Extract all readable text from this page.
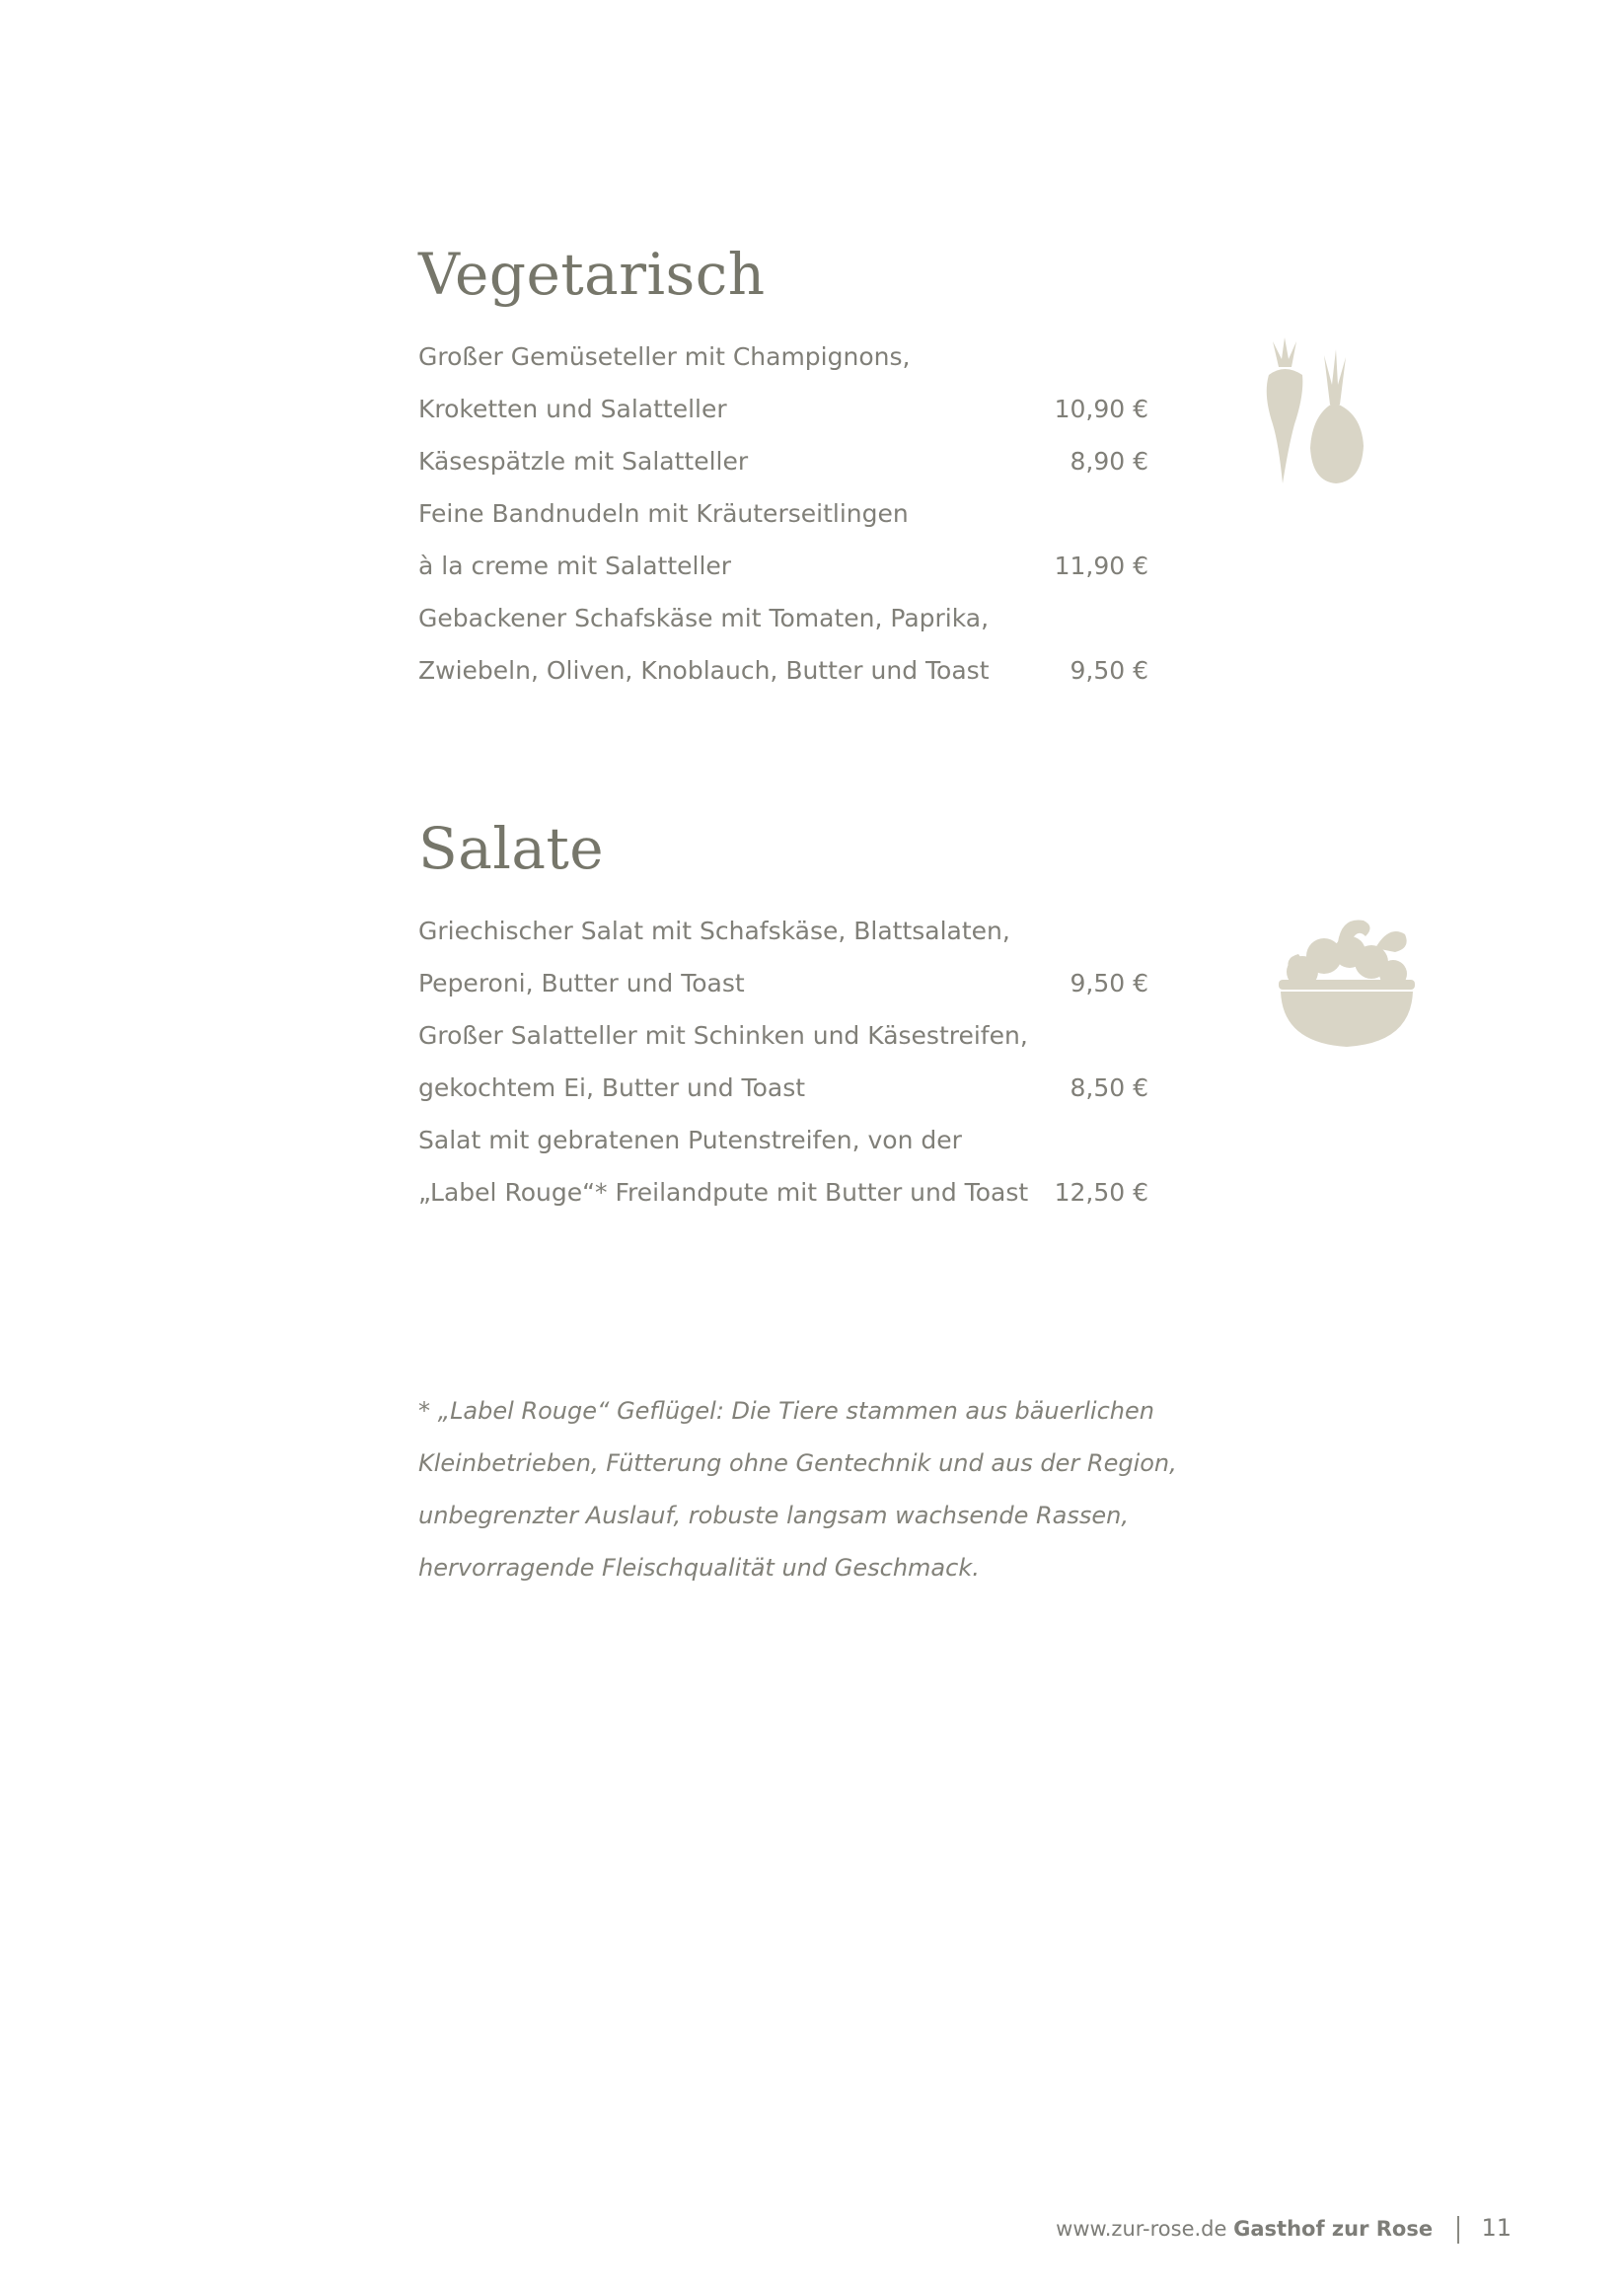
Vegetarisch
Großer Gemüseteller mit Champignons,
Kroketten und Salatteller	10,90 €
Käsespätzle mit Salatteller	8,90 €
Feine Bandnudeln mit Kräuterseitlingen
à la creme mit Salatteller	11,90 €
Gebackener Schafskäse mit Tomaten, Paprika,
Zwiebeln, Oliven, Knoblauch, Butter und Toast	9,50 €
Salate
Griechischer Salat mit Schafskäse, Blattsalaten,
Peperoni, Butter und Toast	9,50 €
Großer Salatteller mit Schinken und Käsestreifen,
gekochtem Ei, Butter und Toast	8,50 €
Salat mit gebratenen Putenstreifen, von der
„Label Rouge“* Freilandpute mit Butter und Toast 12,50 €
* „Label Rouge“ Geflügel: Die Tiere stammen aus bäuerlichen
Kleinbetrieben, Fütterung ohne Gentechnik und aus der Region,
unbegrenzter Auslauf, robuste langsam wachsende Rassen,
hervorragende Fleischqualität und Geschmack.
www.zur-rose.de Gasthof zur Rose 11
